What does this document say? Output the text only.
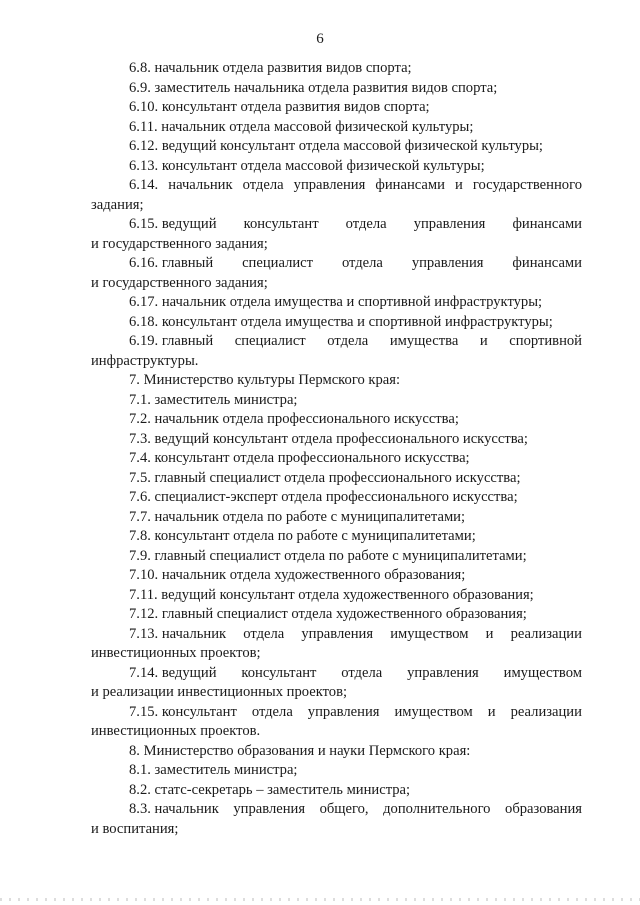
6

6.8. начальник отдела развития видов спорта;

6.9. заместитель начальника отдела развития видов спорта;

6.10. консультант отдела развития видов спорта;

6.11. начальник отдела массовой физической культуры;

6.12. ведущий консультант отдела массовой физической культуры;

6.13. консультант отдела массовой физической культуры;

6.14. начальник отдела управления финансами и государственного

задания;

6.15. ведущий консультант отдела управления финансами

и государственного задания;

6.16. главный специалист отдела управления финансами

и государственного задания;

6.17. начальник отдела имущества и спортивной инфраструктуры;

6.18. консультант отдела имущества и спортивной инфраструктуры;

6.19. главный специалист отдела имущества и спортивной

инфраструктуры.

7. Министерство культуры Пермского края:

7.1. заместитель министра;

7.2. начальник отдела профессионального искусства;

7.3. ведущий консультант отдела профессионального искусства;

7.4. консультант отдела профессионального искусства;

7.5. главный специалист отдела профессионального искусства;

7.6. специалист-эксперт отдела профессионального искусства;

7.7. начальник отдела по работе с муниципалитетами;

7.8. консультант отдела по работе с муниципалитетами;

7.9. главный специалист отдела по работе с муниципалитетами;

7.10. начальник отдела художественного образования;

7.11. ведущий консультант отдела художественного образования;

7.12. главный специалист отдела художественного образования;

7.13. начальник отдела управления имуществом и реализации

инвестиционных проектов;

7.14. ведущий консультант отдела управления имуществом

и реализации инвестиционных проектов;

7.15. консультант отдела управления имуществом и реализации

инвестиционных проектов.

8. Министерство образования и науки Пермского края:

8.1. заместитель министра;

8.2. статс-секретарь – заместитель министра;

8.3. начальник управления общего, дополнительного образования

и воспитания;
